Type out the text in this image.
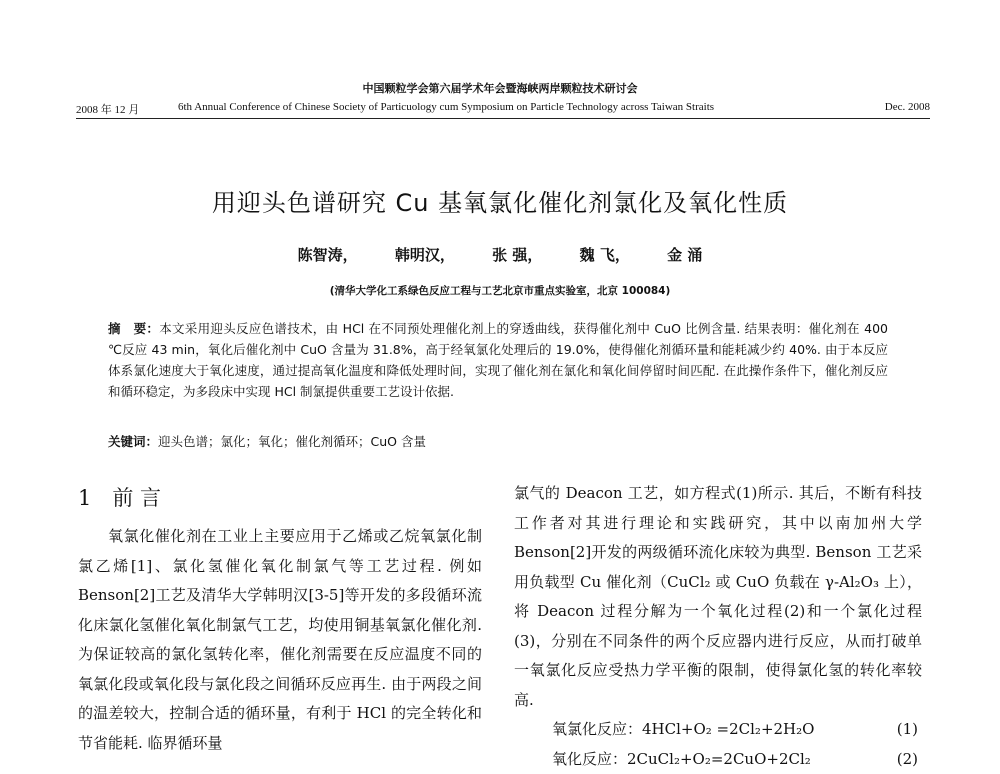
中国颗粒学会第六届学术年会暨海峡两岸颗粒技术研讨会
2008 年 12 月	6th Annual Conference of Chinese Society of Particuology cum Symposium on Particle Technology across Taiwan Straits	Dec. 2008
用迎头色谱研究 Cu 基氧氯化催化剂氯化及氧化性质
陈智涛， 韩明汉， 张 强， 魏 飞， 金 涌
(清华大学化工系绿色反应工程与工艺北京市重点实验室，北京 100084)
摘　要：本文采用迎头反应色谱技术，由 HCl 在不同预处理催化剂上的穿透曲线，获得催化剂中 CuO 比例含量. 结果表明：催化剂在 400 ℃反应 43 min，氧化后催化剂中 CuO 含量为 31.8%，高于经氧氯化处理后的 19.0%，使得催化剂循环量和能耗减少约 40%. 由于本反应体系氯化速度大于氧化速度，通过提高氧化温度和降低处理时间，实现了催化剂在氯化和氧化间停留时间匹配. 在此操作条件下，催化剂反应和循环稳定，为多段床中实现 HCl 制氯提供重要工艺设计依据.
关键词：迎头色谱；氯化；氧化；催化剂循环；CuO 含量
1　前 言

氧氯化催化剂在工业上主要应用于乙烯或乙烷氧氯化制氯乙烯[1]、氯化氢催化氧化制氯气等工艺过程. 例如 Benson[2]工艺及清华大学韩明汉[3-5]等开发的多段循环流化床氯化氢催化氧化制氯气工艺，均使用铜基氧氯化催化剂. 为保证较高的氯化氢转化率，催化剂需要在反应温度不同的氧氯化段或氧化段与氯化段之间循环反应再生. 由于两段之间的温差较大，控制合适的循环量，有利于 HCl 的完全转化和节省能耗. 临界循环量

氯气的 Deacon 工艺，如方程式(1)所示. 其后，不断有科技工作者对其进行理论和实践研究，其中以南加州大学 Benson[2]开发的两级循环流化床较为典型. Benson 工艺采用负载型 Cu 催化剂（CuCl₂ 或 CuO 负载在 γ-Al₂O₃ 上），将 Deacon 过程分解为一个氧化过程(2)和一个氯化过程(3)，分别在不同条件的两个反应器内进行反应，从而打破单一氧氯化反应受热力学平衡的限制，使得氯化氢的转化率较高.

氧氯化反应：4HCl+O₂ =2Cl₂+2H₂O	(1)
氧化反应：2CuCl₂+O₂=2CuO+2Cl₂	(2)
